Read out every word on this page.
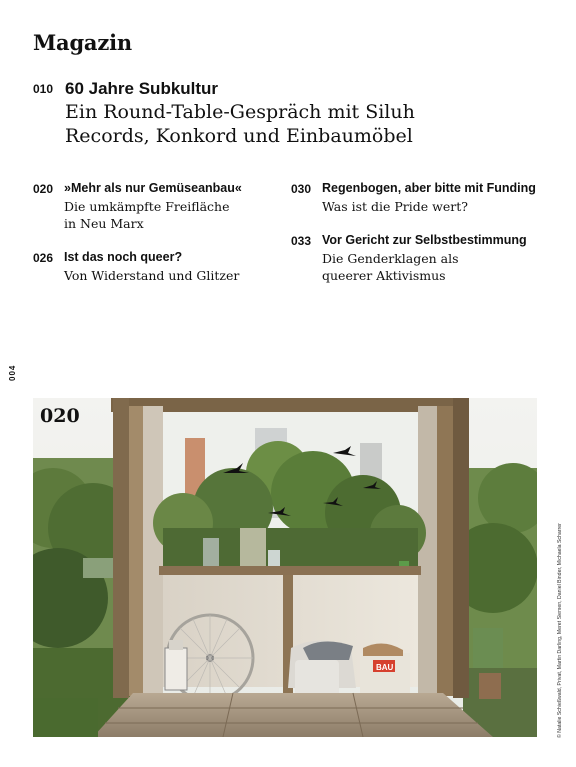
Magazin
010 60 Jahre Subkultur
Ein Round-Table-Gespräch mit Siluh
Records, Konkord und Einbaumöbel
020 »Mehr als nur Gemüseanbau«
Die umkämpfte Freifläche
in Neu Marx
026 Ist das noch queer?
Von Widerstand und Glitzer
030 Regenbogen, aber bitte mit Funding
Was ist die Pride wert?
033 Vor Gericht zur Selbstbestimmung
Die Genderklagen als
queerer Aktivismus
004
020
BAU	© Natalie Schießwald, Privat, Martin Darling, Meret Siemen, Daniel Binder, Michaela Scharrer
